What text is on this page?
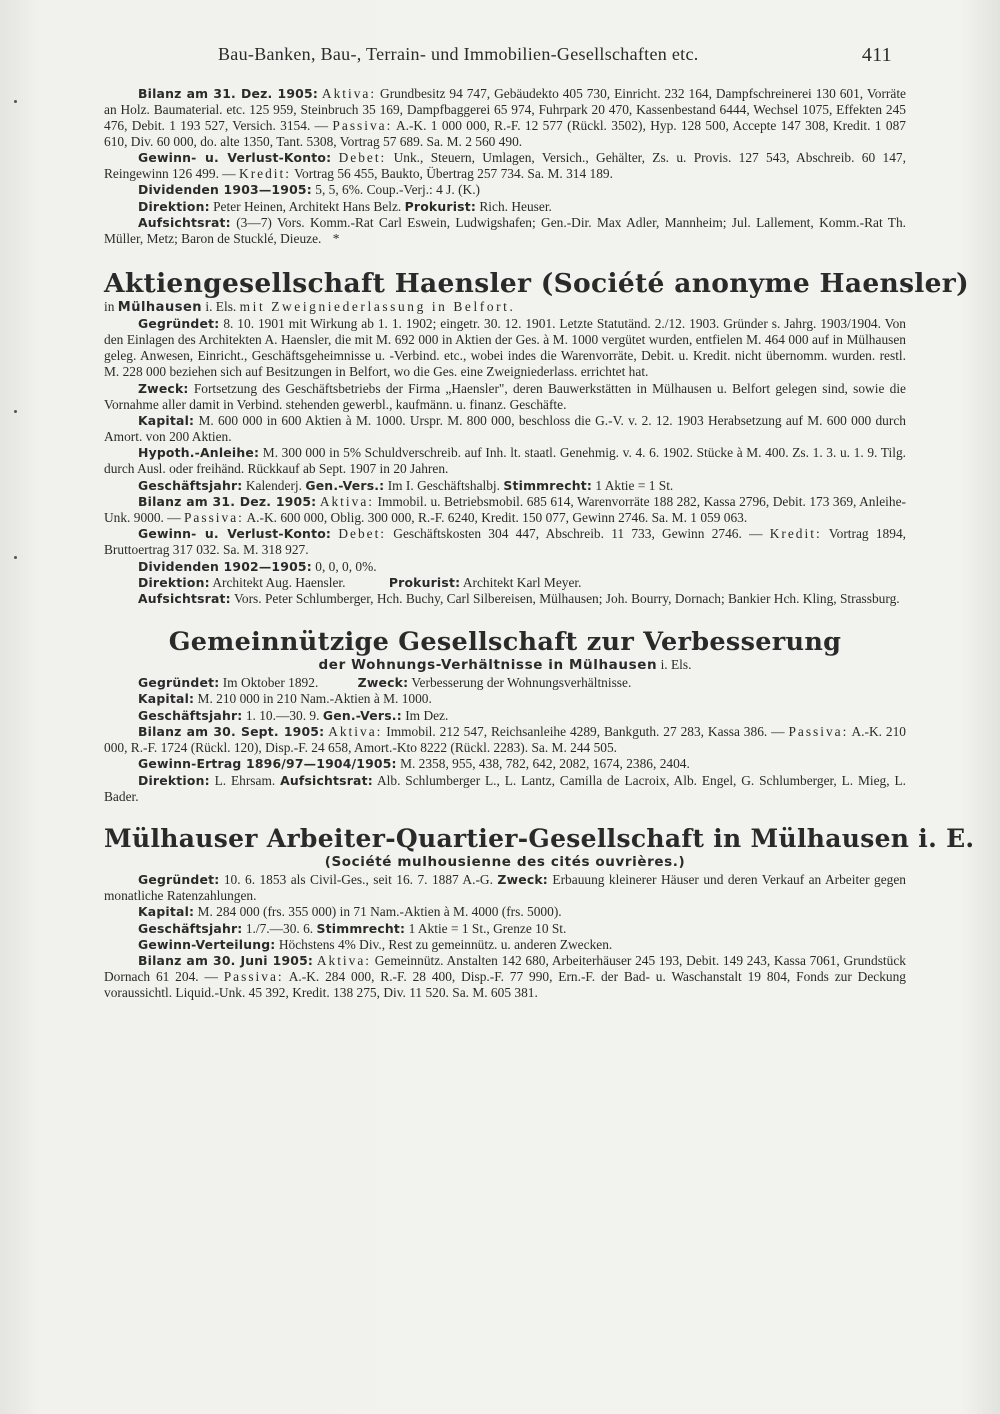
Bau-Banken, Bau-, Terrain- und Immobilien-Gesellschaften etc.	411

Bilanz am 31. Dez. 1905: Aktiva: Grundbesitz 94 747, Gebäudekto 405 730, Einricht. 232 164, Dampfschreinerei 130 601, Vorräte an Holz. Baumaterial. etc. 125 959, Steinbruch 35 169, Dampfbaggerei 65 974, Fuhrpark 20 470, Kassenbestand 6444, Wechsel 1075, Effekten 245 476, Debit. 1 193 527, Versich. 3154. — Passiva: A.-K. 1 000 000, R.-F. 12 577 (Rückl. 3502), Hyp. 128 500, Accepte 147 308, Kredit. 1 087 610, Div. 60 000, do. alte 1350, Tant. 5308, Vortrag 57 689. Sa. M. 2 560 490.

Gewinn- u. Verlust-Konto: Debet: Unk., Steuern, Umlagen, Versich., Gehälter, Zs. u. Provis. 127 543, Abschreib. 60 147, Reingewinn 126 499. — Kredit: Vortrag 56 455, Baukto, Übertrag 257 734. Sa. M. 314 189.

Dividenden 1903—1905: 5, 5, 6%. Coup.-Verj.: 4 J. (K.)

Direktion: Peter Heinen, Architekt Hans Belz. Prokurist: Rich. Heuser.

Aufsichtsrat: (3—7) Vors. Komm.-Rat Carl Eswein, Ludwigshafen; Gen.-Dir. Max Adler, Mannheim; Jul. Lallement, Komm.-Rat Th. Müller, Metz; Baron de Stucklé, Dieuze. *

Aktiengesellschaft Haensler (Société anonyme Haensler)

in Mülhausen i. Els. mit Zweigniederlassung in Belfort.

Gegründet: 8. 10. 1901 mit Wirkung ab 1. 1. 1902; eingetr. 30. 12. 1901. Letzte Statutänd. 2./12. 1903. Gründer s. Jahrg. 1903/1904. Von den Einlagen des Architekten A. Haensler, die mit M. 692 000 in Aktien der Ges. à M. 1000 vergütet wurden, entfielen M. 464 000 auf in Mülhausen geleg. Anwesen, Einricht., Geschäftsgeheimnisse u. -Verbind. etc., wobei indes die Warenvorräte, Debit. u. Kredit. nicht übernomm. wurden. restl. M. 228 000 beziehen sich auf Besitzungen in Belfort, wo die Ges. eine Zweigniederlass. errichtet hat.

Zweck: Fortsetzung des Geschäftsbetriebs der Firma „Haensler", deren Bauwerkstätten in Mülhausen u. Belfort gelegen sind, sowie die Vornahme aller damit in Verbind. stehenden gewerbl., kaufmänn. u. finanz. Geschäfte.

Kapital: M. 600 000 in 600 Aktien à M. 1000. Urspr. M. 800 000, beschloss die G.-V. v. 2. 12. 1903 Herabsetzung auf M. 600 000 durch Amort. von 200 Aktien.

Hypoth.-Anleihe: M. 300 000 in 5% Schuldverschreib. auf Inh. lt. staatl. Genehmig. v. 4. 6. 1902. Stücke à M. 400. Zs. 1. 3. u. 1. 9. Tilg. durch Ausl. oder freihänd. Rückkauf ab Sept. 1907 in 20 Jahren.

Geschäftsjahr: Kalenderj. Gen.-Vers.: Im I. Geschäftshalbj. Stimmrecht: 1 Aktie = 1 St.

Bilanz am 31. Dez. 1905: Aktiva: Immobil. u. Betriebsmobil. 685 614, Warenvorräte 188 282, Kassa 2796, Debit. 173 369, Anleihe-Unk. 9000. — Passiva: A.-K. 600 000, Oblig. 300 000, R.-F. 6240, Kredit. 150 077, Gewinn 2746. Sa. M. 1 059 063.

Gewinn- u. Verlust-Konto: Debet: Geschäftskosten 304 447, Abschreib. 11 733, Gewinn 2746. — Kredit: Vortrag 1894, Bruttoertrag 317 032. Sa. M. 318 927.

Dividenden 1902—1905: 0, 0, 0, 0%.

Direktion: Architekt Aug. Haensler.	Prokurist: Architekt Karl Meyer.

Aufsichtsrat: Vors. Peter Schlumberger, Hch. Buchy, Carl Silbereisen, Mülhausen; Joh. Bourry, Dornach; Bankier Hch. Kling, Strassburg.

Gemeinnützige Gesellschaft zur Verbesserung

der Wohnungs-Verhältnisse in Mülhausen i. Els.

Gegründet: Im Oktober 1892.	Zweck: Verbesserung der Wohnungsverhältnisse.

Kapital: M. 210 000 in 210 Nam.-Aktien à M. 1000.

Geschäftsjahr: 1. 10.—30. 9. Gen.-Vers.: Im Dez.

Bilanz am 30. Sept. 1905: Aktiva: Immobil. 212 547, Reichsanleihe 4289, Bankguth. 27 283, Kassa 386. — Passiva: A.-K. 210 000, R.-F. 1724 (Rückl. 120), Disp.-F. 24 658, Amort.-Kto 8222 (Rückl. 2283). Sa. M. 244 505.

Gewinn-Ertrag 1896/97—1904/1905: M. 2358, 955, 438, 782, 642, 2082, 1674, 2386, 2404.

Direktion: L. Ehrsam. Aufsichtsrat: Alb. Schlumberger L., L. Lantz, Camilla de Lacroix, Alb. Engel, G. Schlumberger, L. Mieg, L. Bader.

Mülhauser Arbeiter-Quartier-Gesellschaft in Mülhausen i. E.

(Société mulhousienne des cités ouvrières.)

Gegründet: 10. 6. 1853 als Civil-Ges., seit 16. 7. 1887 A.-G. Zweck: Erbauung kleinerer Häuser und deren Verkauf an Arbeiter gegen monatliche Ratenzahlungen.

Kapital: M. 284 000 (frs. 355 000) in 71 Nam.-Aktien à M. 4000 (frs. 5000).

Geschäftsjahr: 1./7.—30. 6. Stimmrecht: 1 Aktie = 1 St., Grenze 10 St.

Gewinn-Verteilung: Höchstens 4% Div., Rest zu gemeinnütz. u. anderen Zwecken.

Bilanz am 30. Juni 1905: Aktiva: Gemeinnütz. Anstalten 142 680, Arbeiterhäuser 245 193, Debit. 149 243, Kassa 7061, Grundstück Dornach 61 204. — Passiva: A.-K. 284 000, R.-F. 28 400, Disp.-F. 77 990, Ern.-F. der Bad- u. Waschanstalt 19 804, Fonds zur Deckung voraussichtl. Liquid.-Unk. 45 392, Kredit. 138 275, Div. 11 520. Sa. M. 605 381.
